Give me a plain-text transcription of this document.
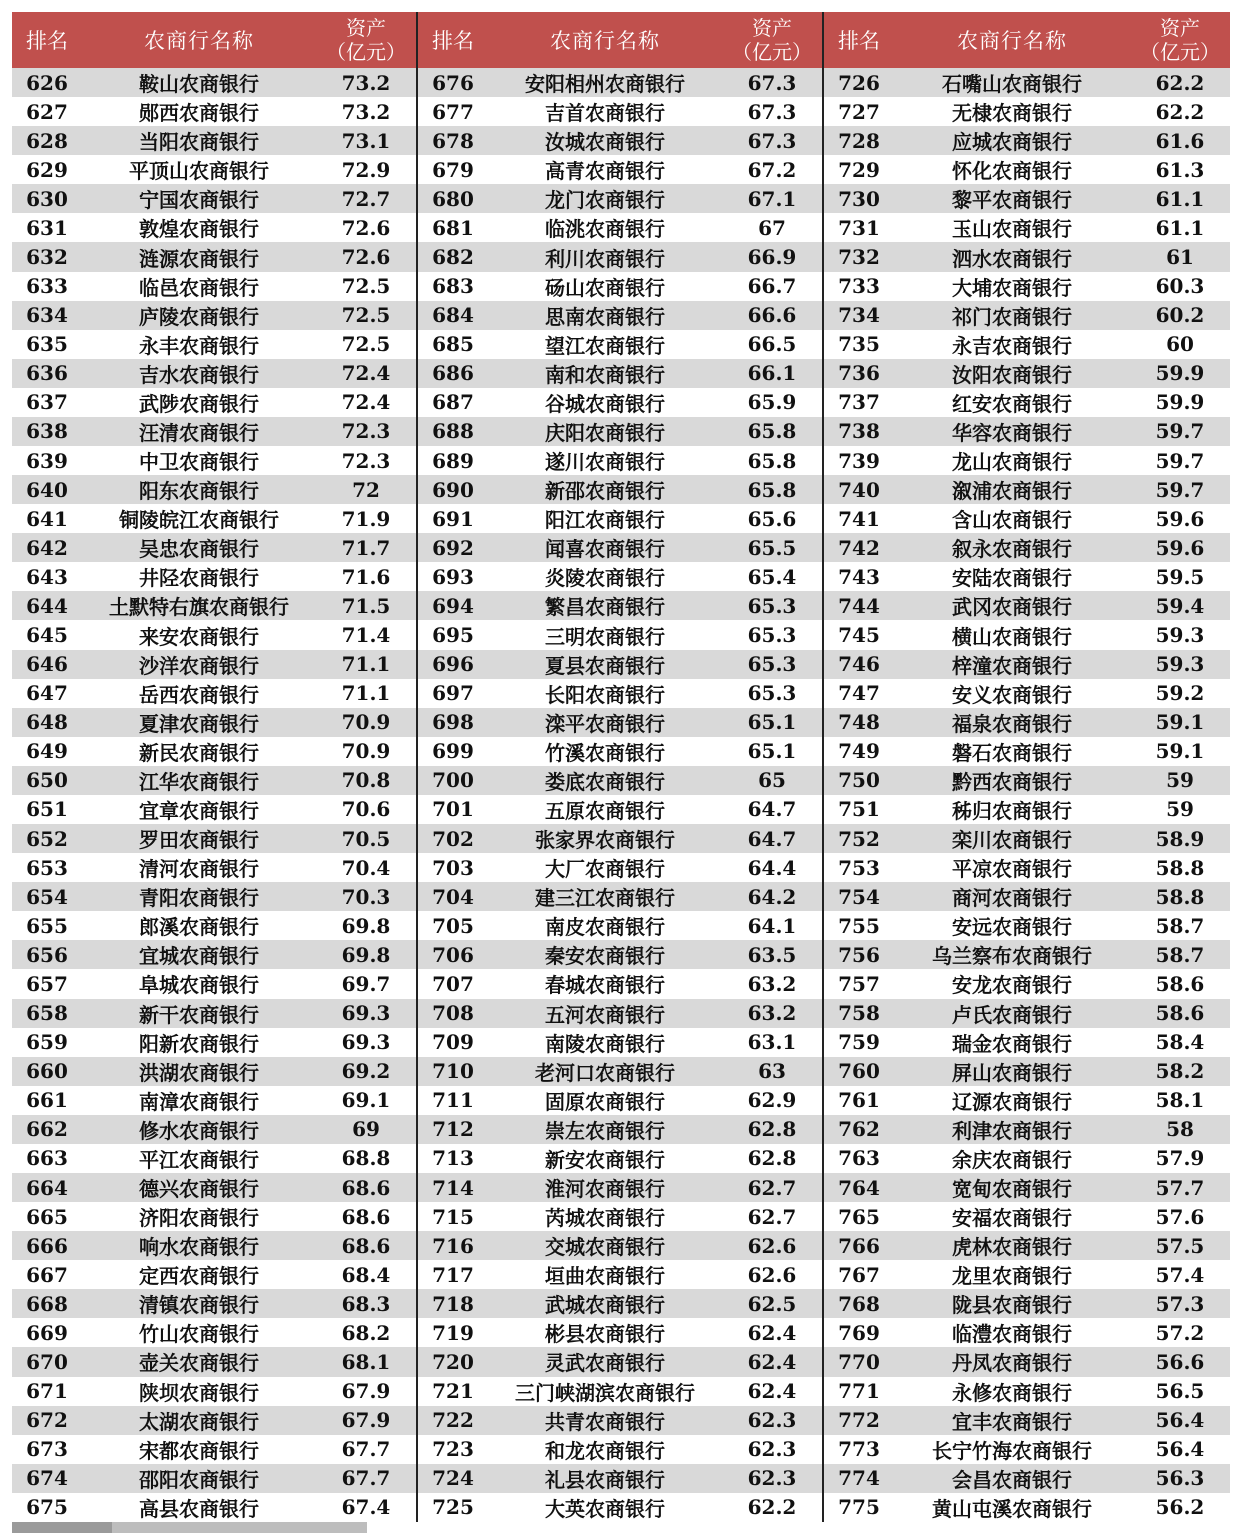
排名	农商行名称
资产
（亿元）
626	鞍山农商银行	73.2
627	郧西农商银行	73.2
628	当阳农商银行	73.1
629	平顶山农商银行	72.9
630	宁国农商银行	72.7
631	敦煌农商银行	72.6
632	涟源农商银行	72.6
633	临邑农商银行	72.5
634	庐陵农商银行	72.5
635	永丰农商银行	72.5
636	吉水农商银行	72.4
637	武陟农商银行	72.4
638	汪清农商银行	72.3
639	中卫农商银行	72.3
640	阳东农商银行	72
641	铜陵皖江农商银行	71.9
642	吴忠农商银行	71.7
643	井陉农商银行	71.6
644	土默特右旗农商银行	71.5
645	来安农商银行	71.4
646	沙洋农商银行	71.1
647	岳西农商银行	71.1
648	夏津农商银行	70.9
649	新民农商银行	70.9
650	江华农商银行	70.8
651	宜章农商银行	70.6
652	罗田农商银行	70.5
653	清河农商银行	70.4
654	青阳农商银行	70.3
655	郎溪农商银行	69.8
656	宜城农商银行	69.8
657	阜城农商银行	69.7
658	新干农商银行	69.3
659	阳新农商银行	69.3
660	洪湖农商银行	69.2
661	南漳农商银行	69.1
662	修水农商银行	69
663	平江农商银行	68.8
664	德兴农商银行	68.6
665	济阳农商银行	68.6
666	响水农商银行	68.6
667	定西农商银行	68.4
668	清镇农商银行	68.3
669	竹山农商银行	68.2
670	壶关农商银行	68.1
671	陕坝农商银行	67.9
672	太湖农商银行	67.9
673	宋都农商银行	67.7
674	邵阳农商银行	67.7
675	高县农商银行	67.4
排名	农商行名称
资产
（亿元）
676	安阳相州农商银行	67.3
677	吉首农商银行	67.3
678	汝城农商银行	67.3
679	高青农商银行	67.2
680	龙门农商银行	67.1
681	临洮农商银行	67
682	利川农商银行	66.9
683	砀山农商银行	66.7
684	思南农商银行	66.6
685	望江农商银行	66.5
686	南和农商银行	66.1
687	谷城农商银行	65.9
688	庆阳农商银行	65.8
689	遂川农商银行	65.8
690	新邵农商银行	65.8
691	阳江农商银行	65.6
692	闻喜农商银行	65.5
693	炎陵农商银行	65.4
694	繁昌农商银行	65.3
695	三明农商银行	65.3
696	夏县农商银行	65.3
697	长阳农商银行	65.3
698	滦平农商银行	65.1
699	竹溪农商银行	65.1
700	娄底农商银行	65
701	五原农商银行	64.7
702	张家界农商银行	64.7
703	大厂农商银行	64.4
704	建三江农商银行	64.2
705	南皮农商银行	64.1
706	秦安农商银行	63.5
707	春城农商银行	63.2
708	五河农商银行	63.2
709	南陵农商银行	63.1
710	老河口农商银行	63
711	固原农商银行	62.9
712	崇左农商银行	62.8
713	新安农商银行	62.8
714	淮河农商银行	62.7
715	芮城农商银行	62.7
716	交城农商银行	62.6
717	垣曲农商银行	62.6
718	武城农商银行	62.5
719	彬县农商银行	62.4
720	灵武农商银行	62.4
721	三门峡湖滨农商银行	62.4
722	共青农商银行	62.3
723	和龙农商银行	62.3
724	礼县农商银行	62.3
725	大英农商银行	62.2
排名	农商行名称
资产
（亿元）
726	石嘴山农商银行	62.2
727	无棣农商银行	62.2
728	应城农商银行	61.6
729	怀化农商银行	61.3
730	黎平农商银行	61.1
731	玉山农商银行	61.1
732	泗水农商银行	61
733	大埔农商银行	60.3
734	祁门农商银行	60.2
735	永吉农商银行	60
736	汝阳农商银行	59.9
737	红安农商银行	59.9
738	华容农商银行	59.7
739	龙山农商银行	59.7
740	溆浦农商银行	59.7
741	含山农商银行	59.6
742	叙永农商银行	59.6
743	安陆农商银行	59.5
744	武冈农商银行	59.4
745	横山农商银行	59.3
746	梓潼农商银行	59.3
747	安义农商银行	59.2
748	福泉农商银行	59.1
749	磐石农商银行	59.1
750	黔西农商银行	59
751	秭归农商银行	59
752	栾川农商银行	58.9
753	平凉农商银行	58.8
754	商河农商银行	58.8
755	安远农商银行	58.7
756	乌兰察布农商银行	58.7
757	安龙农商银行	58.6
758	卢氏农商银行	58.6
759	瑞金农商银行	58.4
760	屏山农商银行	58.2
761	辽源农商银行	58.1
762	利津农商银行	58
763	余庆农商银行	57.9
764	宽甸农商银行	57.7
765	安福农商银行	57.6
766	虎林农商银行	57.5
767	龙里农商银行	57.4
768	陇县农商银行	57.3
769	临澧农商银行	57.2
770	丹凤农商银行	56.6
771	永修农商银行	56.5
772	宜丰农商银行	56.4
773	长宁竹海农商银行	56.4
774	会昌农商银行	56.3
775	黄山屯溪农商银行	56.2
